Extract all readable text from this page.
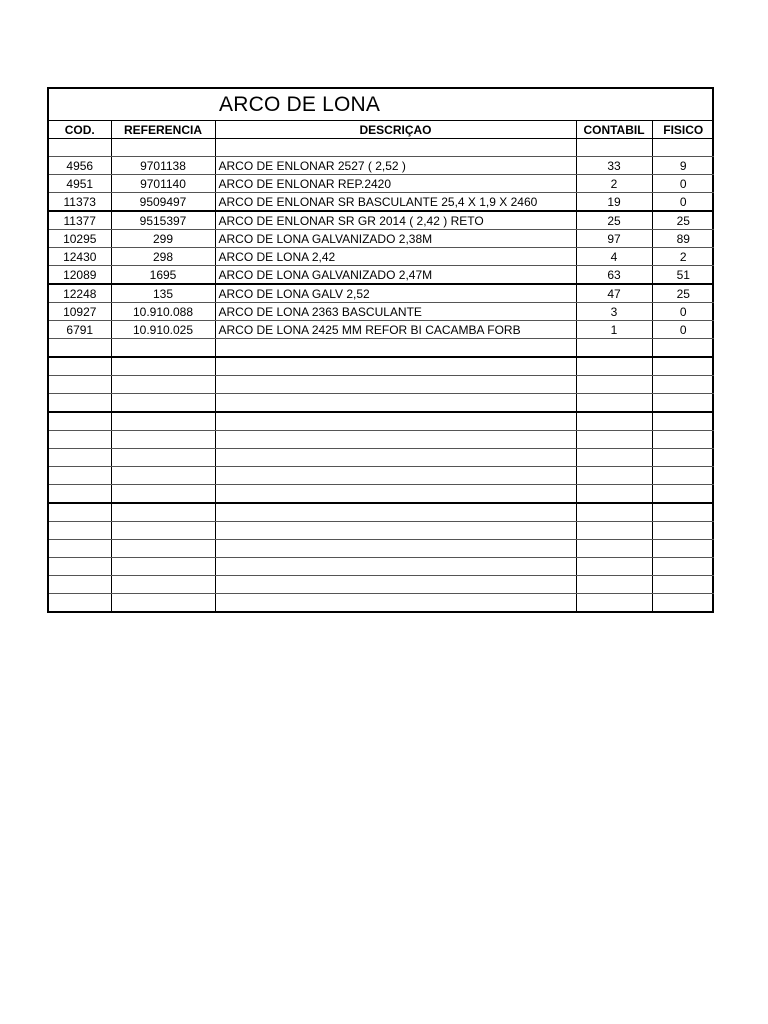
ARCO DE LONA
COD.	REFERENCIA	DESCRIÇAO	CONTABIL	FISICO

4956	9701138	ARCO DE ENLONAR 2527 ( 2,52 )	33	9
4951	9701140	ARCO DE ENLONAR REP.2420	2	0
11373	9509497	ARCO DE ENLONAR SR BASCULANTE 25,4 X 1,9 X 2460	19	0
11377	9515397	ARCO DE ENLONAR SR GR 2014 ( 2,42 ) RETO	25	25
10295	299	ARCO DE LONA GALVANIZADO 2,38M	97	89
12430	298	ARCO DE LONA 2,42	4	2
12089	1695	ARCO DE LONA GALVANIZADO 2,47M	63	51
12248	135	ARCO DE LONA GALV 2,52	47	25
10927	10.910.088	ARCO DE LONA 2363 BASCULANTE	3	0
6791	10.910.025	ARCO DE LONA 2425 MM REFOR BI CACAMBA FORB	1	0
